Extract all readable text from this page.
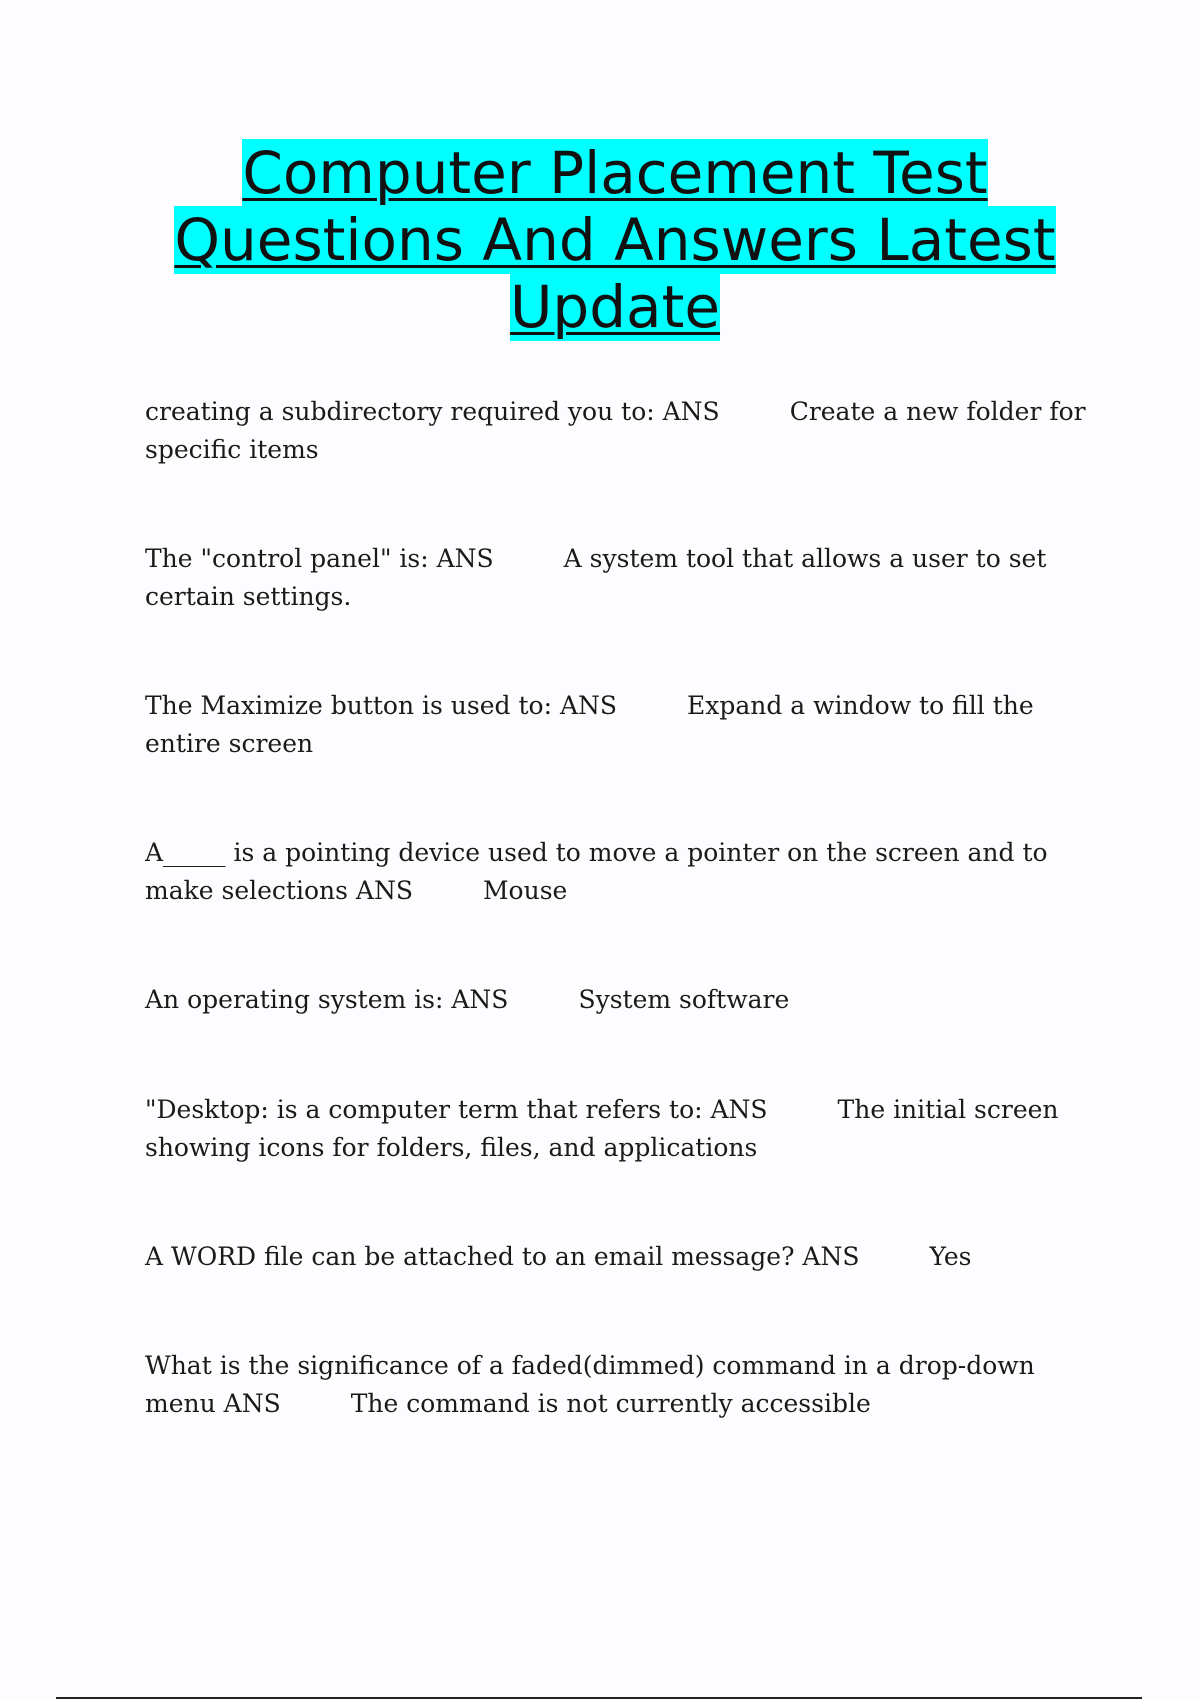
Computer Placement Test Questions And Answers Latest Update

creating a subdirectory required you to: ANS	Create a new folder for specific items

The "control panel" is: ANS	A system tool that allows a user to set certain settings.

The Maximize button is used to: ANS	Expand a window to fill the entire screen

A_____ is a pointing device used to move a pointer on the screen and to make selections ANS	Mouse

An operating system is: ANS	System software

"Desktop: is a computer term that refers to: ANS	The initial screen showing icons for folders, files, and applications

A WORD file can be attached to an email message? ANS	Yes

What is the significance of a faded(dimmed) command in a drop-down menu ANS	The command is not currently accessible
